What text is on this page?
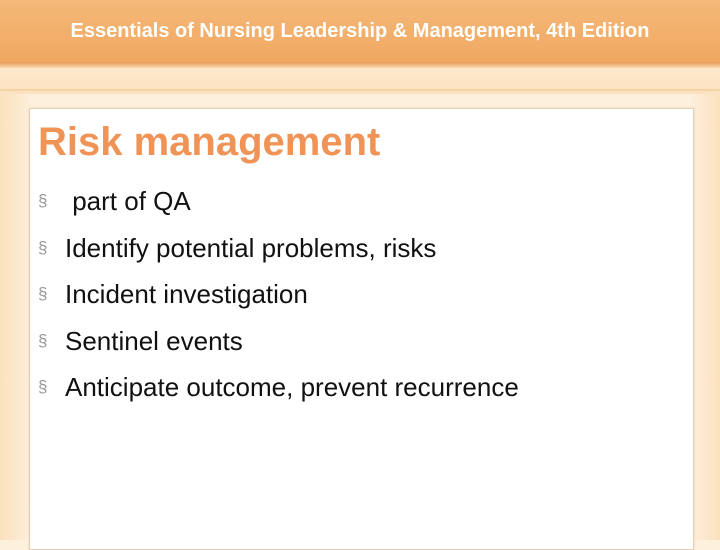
Essentials of Nursing Leadership & Management, 4th Edition
Risk management

§

part of QA

§

Identify potential problems, risks

§

Incident investigation

§

Sentinel events

§

Anticipate outcome, prevent recurrence
